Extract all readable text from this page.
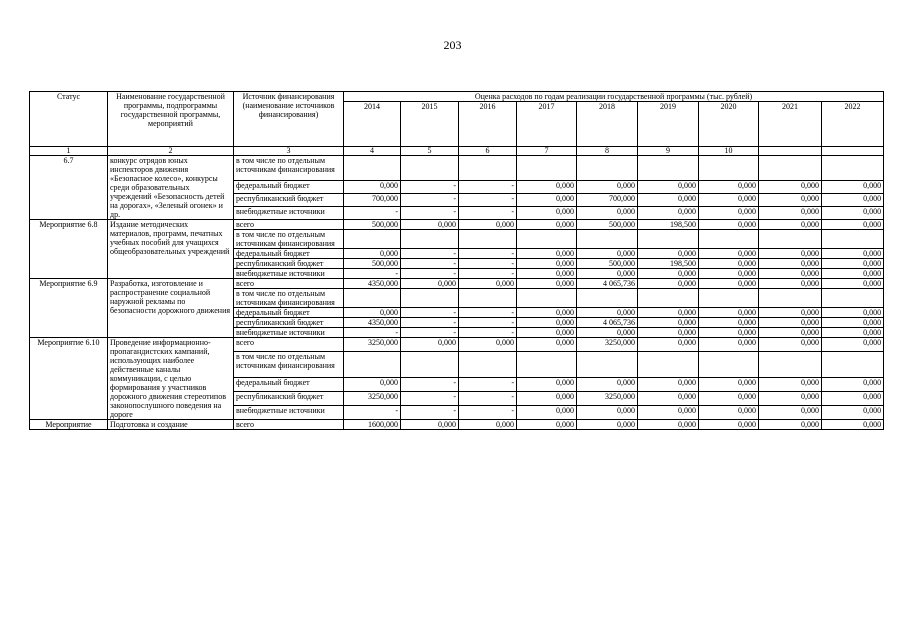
203
Статус	Наименование государственной программы, подпрограммы государственной программы, мероприятий	Источник финансирования (наименование источников финансирования)	Оценка расходов по годам реализации государственной программы (тыс. рублей)								
			2014	2015	2016	2017	2018	2019	2020	2021	2022
1	2	3	4	5	6	7	8	9	10		
6.7	конкурс отрядов юных инспекторов движения «Безопасное колесо», конкурсы среди образовательных учреждений «Безопасность детей на дорогах», «Зеленый огонек» и др.	в том числе по отдельным источникам финансирования									
		федеральный бюджет	0,000	-	-	0,000	0,000	0,000	0,000	0,000	0,000
		республиканский бюджет	700,000	-	-	0,000	700,000	0,000	0,000	0,000	0,000
		внебюджетные источники	-	-	-	0,000	0,000	0,000	0,000	0,000	0,000
Мероприятие 6.8	Издание методических материалов, программ, печатных учебных пособий для учащихся общеобразовательных учреждений	всего	500,000	0,000	0,000	0,000	500,000	198,500	0,000	0,000	0,000
		в том числе по отдельным источникам финансирования									
		федеральный бюджет	0,000	-	-	0,000	0,000	0,000	0,000	0,000	0,000
		республиканский бюджет	500,000	-	-	0,000	500,000	198,500	0,000	0,000	0,000
		внебюджетные источники	-	-	-	0,000	0,000	0,000	0,000	0,000	0,000
Мероприятие 6.9	Разработка, изготовление и распространение социальной наружной рекламы по безопасности дорожного движения	всего	4350,000	0,000	0,000	0,000	4 065,736	0,000	0,000	0,000	0,000
		в том числе по отдельным источникам финансирования									
		федеральный бюджет	0,000	-	-	0,000	0,000	0,000	0,000	0,000	0,000
		республиканский бюджет	4350,000	-	-	0,000	4 065,736	0,000	0,000	0,000	0,000
		внебюджетные источники	-	-	-	0,000	0,000	0,000	0,000	0,000	0,000
Мероприятие 6.10	Проведение информационно-пропагандистских кампаний, использующих наиболее действенные каналы коммуникации, с целью формирования у участников дорожного движения стереотипов законопослушного поведения на дороге	всего	3250,000	0,000	0,000	0,000	3250,000	0,000	0,000	0,000	0,000
		в том числе по отдельным источникам финансирования									
		федеральный бюджет	0,000	-	-	0,000	0,000	0,000	0,000	0,000	0,000
		республиканский бюджет	3250,000	-	-	0,000	3250,000	0,000	0,000	0,000	0,000
		внебюджетные источники	-	-	-	0,000	0,000	0,000	0,000	0,000	0,000
Мероприятие	Подготовка и создание	всего	1600,000	0,000	0,000	0,000	0,000	0,000	0,000	0,000	0,000
